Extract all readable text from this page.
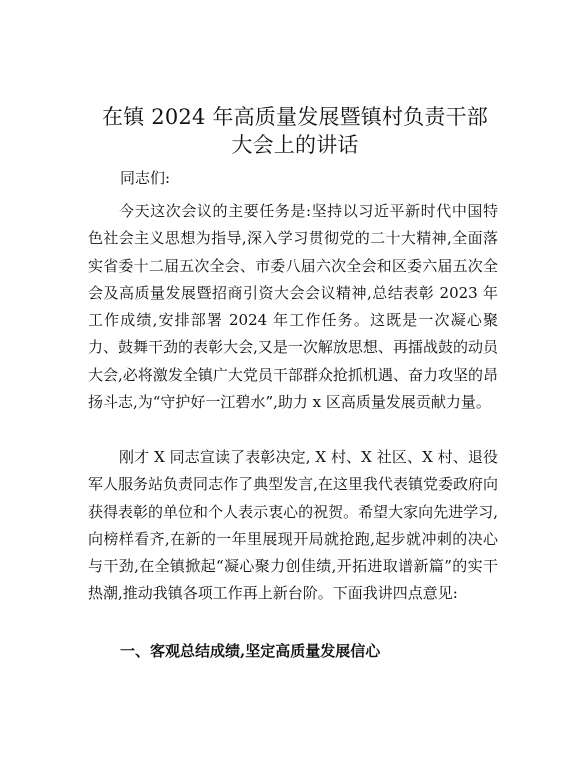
在镇 2024 年高质量发展暨镇村负责干部大会上的讲话
同志们:
今天这次会议的主要任务是:坚持以习近平新时代中国特色社会主义思想为指导,深入学习贯彻党的二十大精神,全面落实省委十二届五次全会、市委八届六次全会和区委六届五次全会及高质量发展暨招商引资大会会议精神,总结表彰 2023 年工作成绩,安排部署 2024 年工作任务。这既是一次凝心聚力、鼓舞干劲的表彰大会,又是一次解放思想、再擂战鼓的动员大会,必将激发全镇广大党员干部群众抢抓机遇、奋力攻坚的昂扬斗志,为“守护好一江碧水”,助力 x 区高质量发展贡献力量。
刚才 X 同志宣读了表彰决定, X 村、X 社区、X 村、退役军人服务站负责同志作了典型发言,在这里我代表镇党委政府向获得表彰的单位和个人表示衷心的祝贺。希望大家向先进学习,向榜样看齐,在新的一年里展现开局就抢跑,起步就冲刺的决心与干劲,在全镇掀起“凝心聚力创佳绩,开拓进取谱新篇”的实干热潮,推动我镇各项工作再上新台阶。下面我讲四点意见:
一、客观总结成绩,坚定高质量发展信心
